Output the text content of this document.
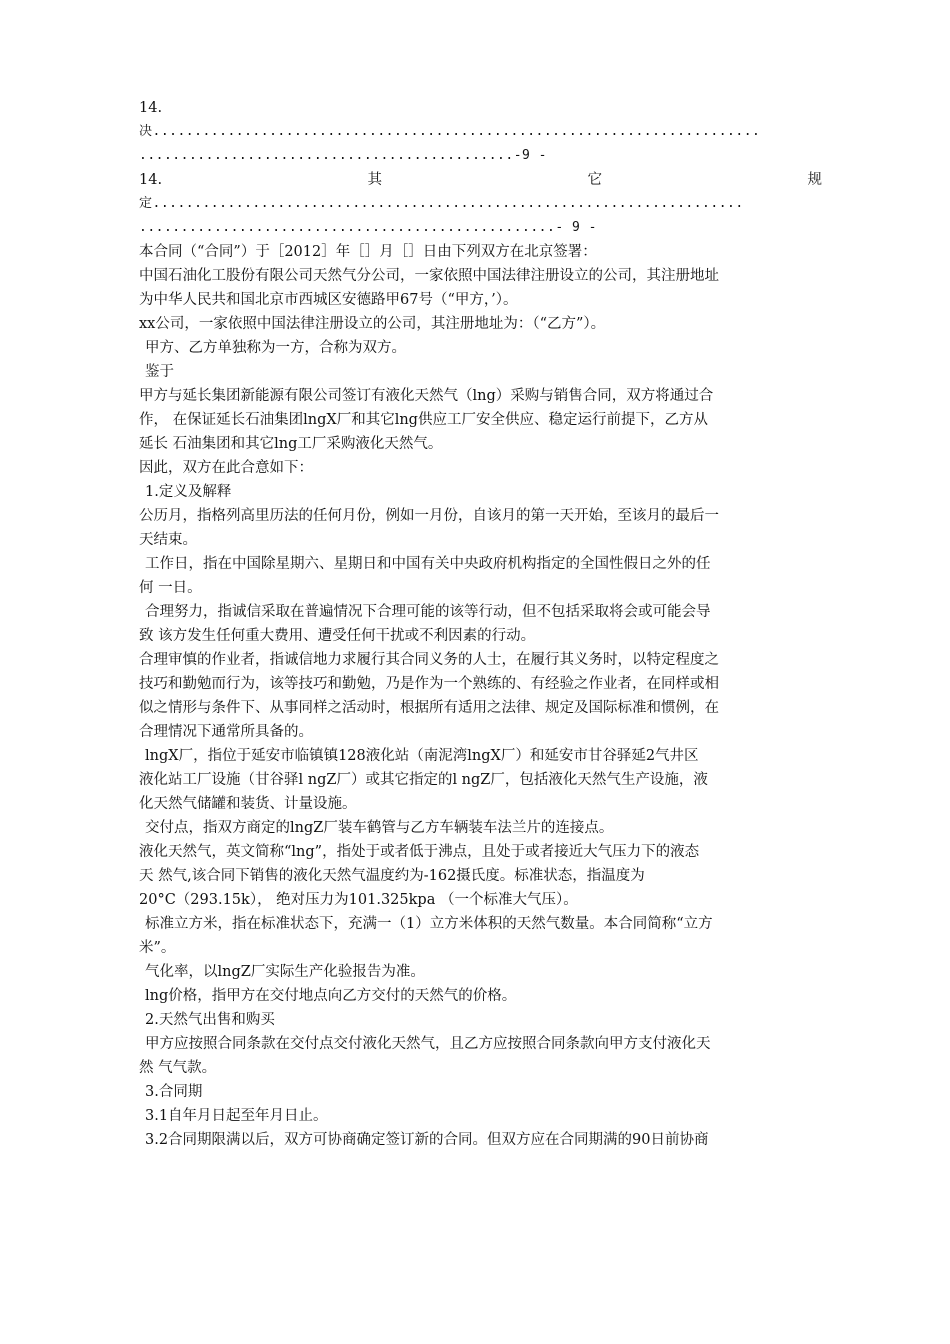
14.
决.........................................................................
.............................................-9 -
14.	其	它	规
定.......................................................................
..................................................- 9 -
本合同（“合同”）于［2012］年［］月［］日由下列双方在北京签署：
中国石油化工股份有限公司天然气分公司，一家依照中国法律注册设立的公司，其注册地址
为中华人民共和国北京市西城区安德路甲67号（“甲方，’）。
xx公司，一家依照中国法律注册设立的公司，其注册地址为：（“乙方”）。
甲方、乙方单独称为一方，合称为双方。
鉴于
甲方与延长集团新能源有限公司签订有液化天然气（lng）采购与销售合同，双方将通过合
作， 在保证延长石油集团lngX厂和其它lng供应工厂安全供应、稳定运行前提下，乙方从
延长 石油集团和其它lng工厂采购液化天然气。
因此，双方在此合意如下：
1.定义及解释
公历月，指格列高里历法的任何月份，例如一月份，自该月的第一天开始，至该月的最后一
天结束。
工作日，指在中国除星期六、星期日和中国有关中央政府机构指定的全国性假日之外的任
何 一日。
合理努力，指诚信采取在普遍情况下合理可能的该等行动，但不包括采取将会或可能会导
致 该方发生任何重大费用、遭受任何干扰或不利因素的行动。
合理审慎的作业者，指诚信地力求履行其合同义务的人士，在履行其义务时，以特定程度之
技巧和勤勉而行为，该等技巧和勤勉，乃是作为一个熟练的、有经验之作业者，在同样或相
似之情形与条件下、从事同样之活动时，根据所有适用之法律、规定及国际标准和惯例，在
合理情况下通常所具备的。
lngX厂，指位于延安市临镇镇128液化站（南泥湾lngX厂）和延安市甘谷驿延2气井区
液化站工厂设施（甘谷驿l ngZ厂）或其它指定的l ngZ厂，包括液化天然气生产设施，液
化天然气储罐和装货、计量设施。
交付点，指双方商定的lngZ厂装车鹤管与乙方车辆装车法兰片的连接点。
液化天然气，英文简称“lng”，指处于或者低于沸点，且处于或者接近大气压力下的液态
天 然气,该合同下销售的液化天然气温度约为-162摄氏度。标准状态，指温度为
20°C（293.15k）， 绝对压力为101.325kpa （一个标准大气压）。
标准立方米，指在标准状态下，充满一（1）立方米体积的天然气数量。本合同简称“立方
米”。
气化率，以lngZ厂实际生产化验报告为准。
lng价格，指甲方在交付地点向乙方交付的天然气的价格。
2.天然气出售和购买
甲方应按照合同条款在交付点交付液化天然气，且乙方应按照合同条款向甲方支付液化天
然 气气款。
3.合同期
3.1自年月日起至年月日止。
3.2合同期限满以后，双方可协商确定签订新的合同。但双方应在合同期满的90日前协商
